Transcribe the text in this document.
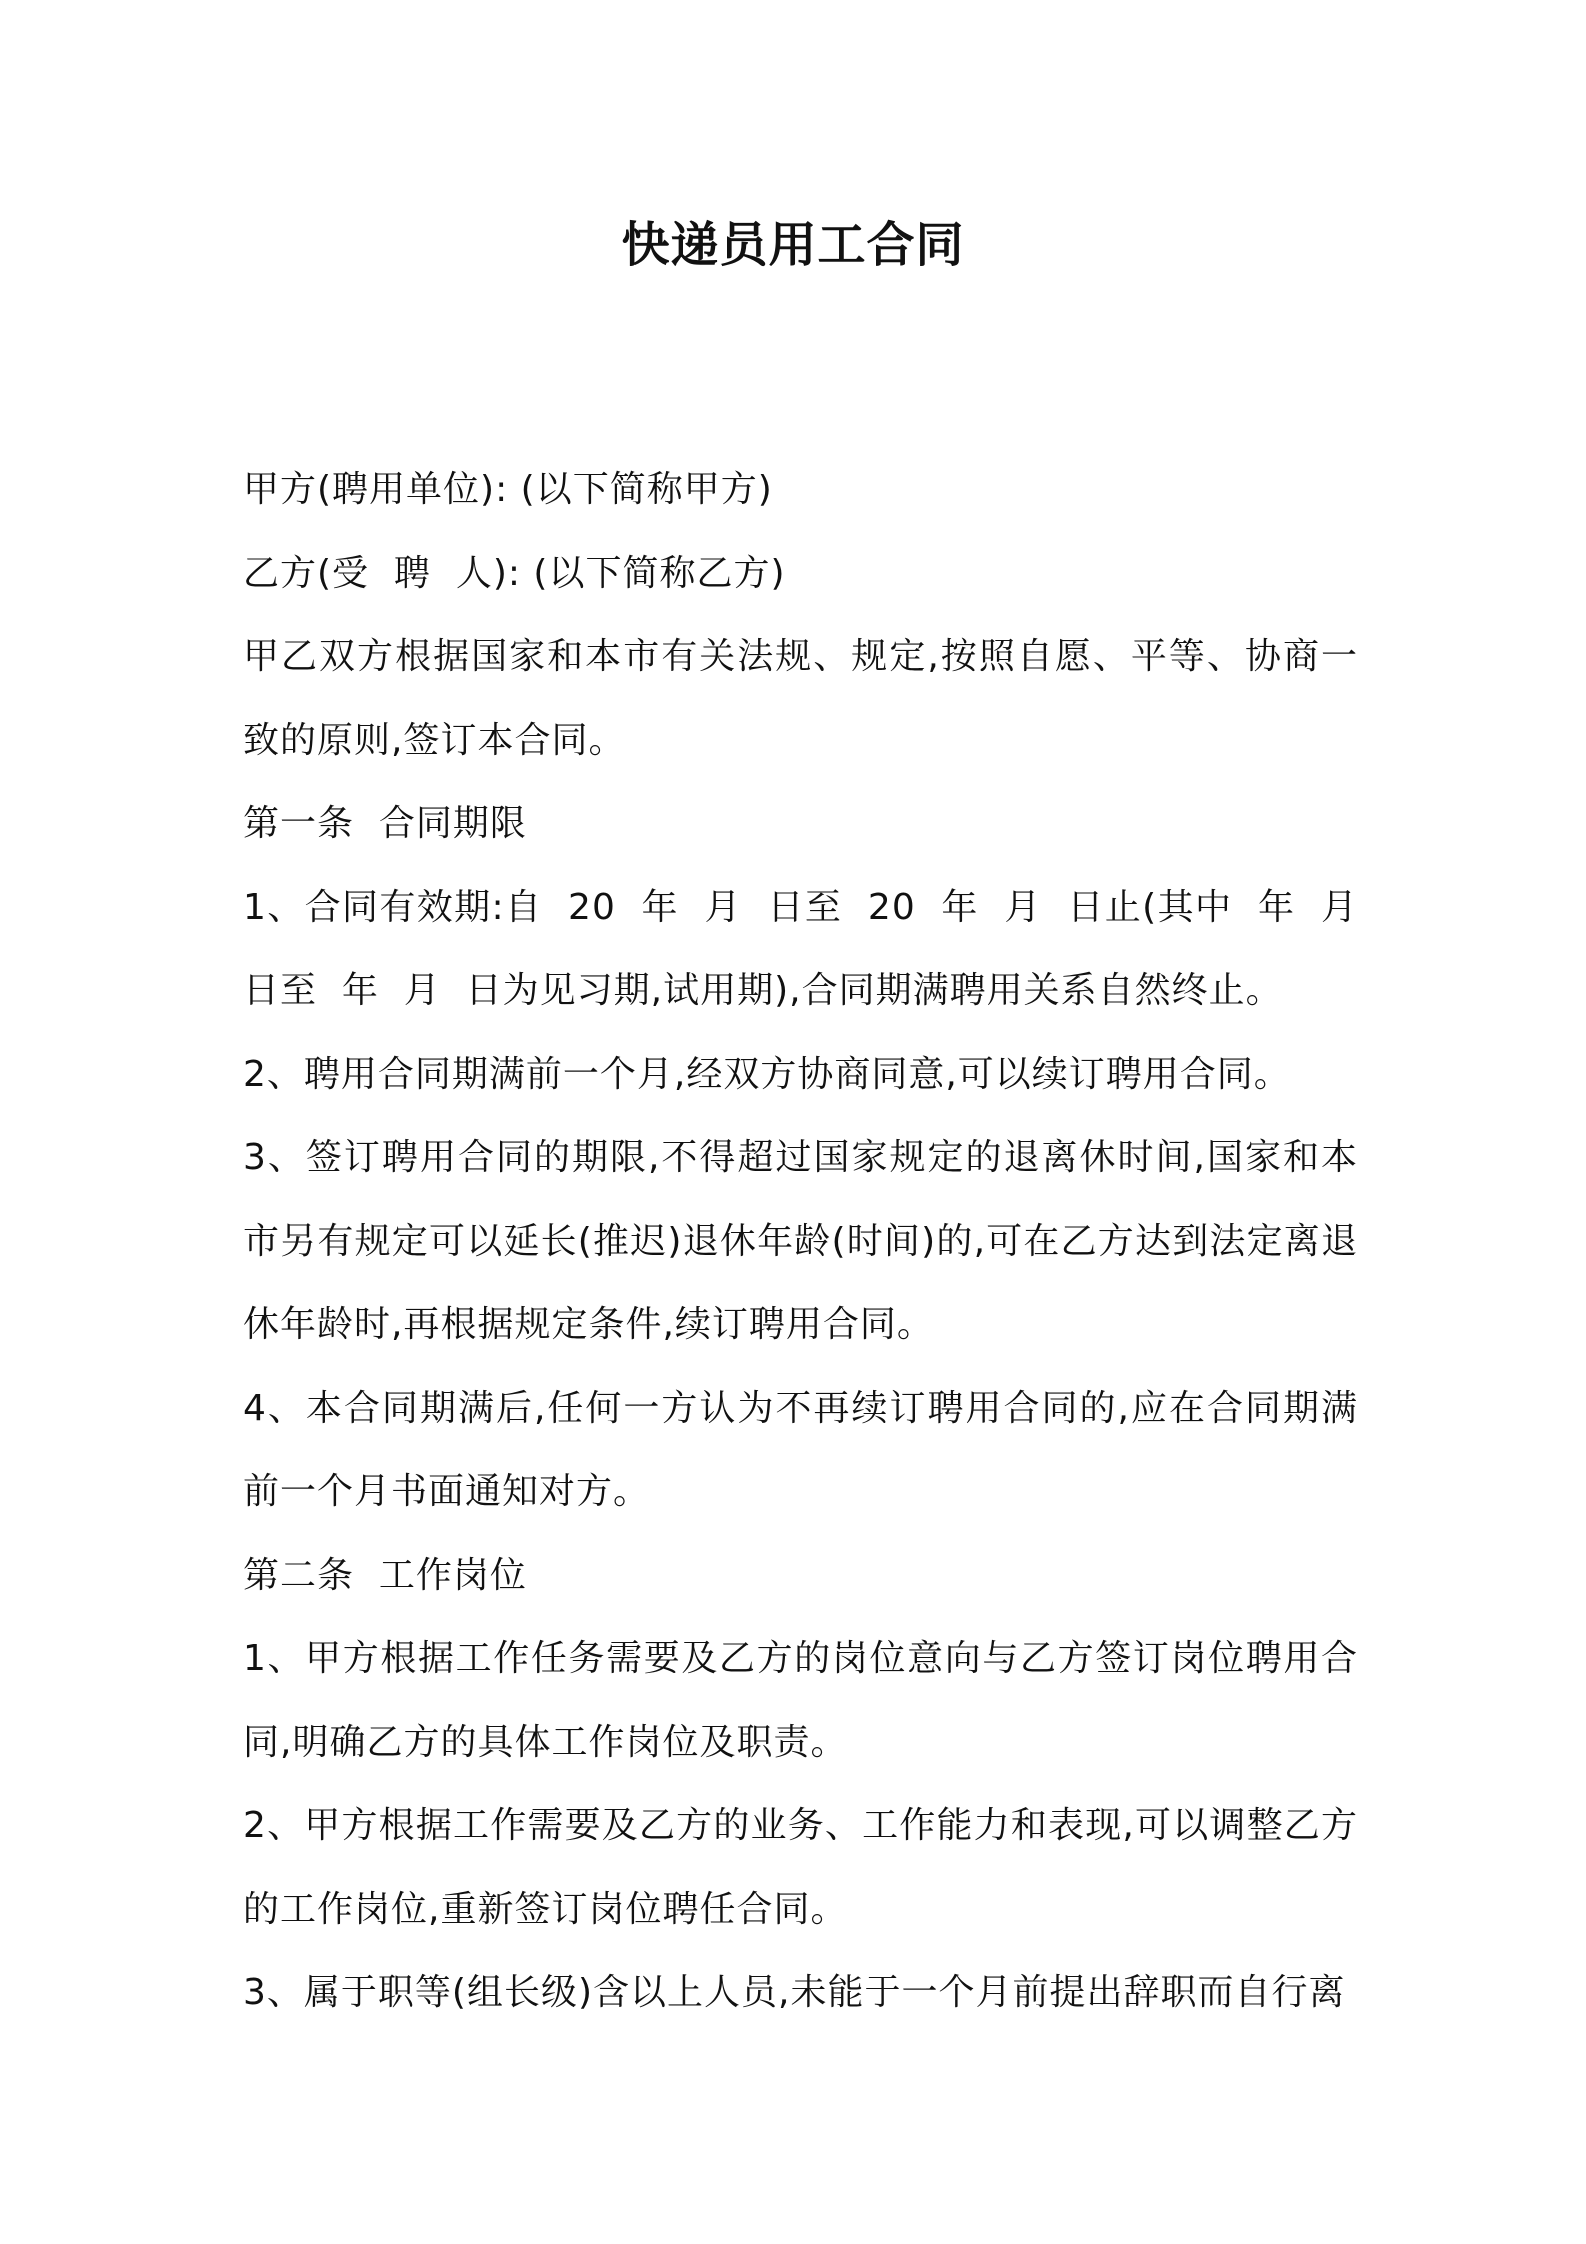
快递员用工合同

甲方(聘用单位): (以下简称甲方)

乙方(受  聘  人): (以下简称乙方)

甲乙双方根据国家和本市有关法规、规定,按照自愿、平等、协商一致的原则,签订本合同。

第一条  合同期限

1、合同有效期:自  20  年  月  日至  20  年  月  日止(其中  年  月  日至  年  月  日为见习期,试用期),合同期满聘用关系自然终止。

2、聘用合同期满前一个月,经双方协商同意,可以续订聘用合同。

3、签订聘用合同的期限,不得超过国家规定的退离休时间,国家和本市另有规定可以延长(推迟)退休年龄(时间)的,可在乙方达到法定离退休年龄时,再根据规定条件,续订聘用合同。

4、本合同期满后,任何一方认为不再续订聘用合同的,应在合同期满前一个月书面通知对方。

第二条  工作岗位

1、甲方根据工作任务需要及乙方的岗位意向与乙方签订岗位聘用合同,明确乙方的具体工作岗位及职责。

2、甲方根据工作需要及乙方的业务、工作能力和表现,可以调整乙方的工作岗位,重新签订岗位聘任合同。

3、属于职等(组长级)含以上人员,未能于一个月前提出辞职而自行离
